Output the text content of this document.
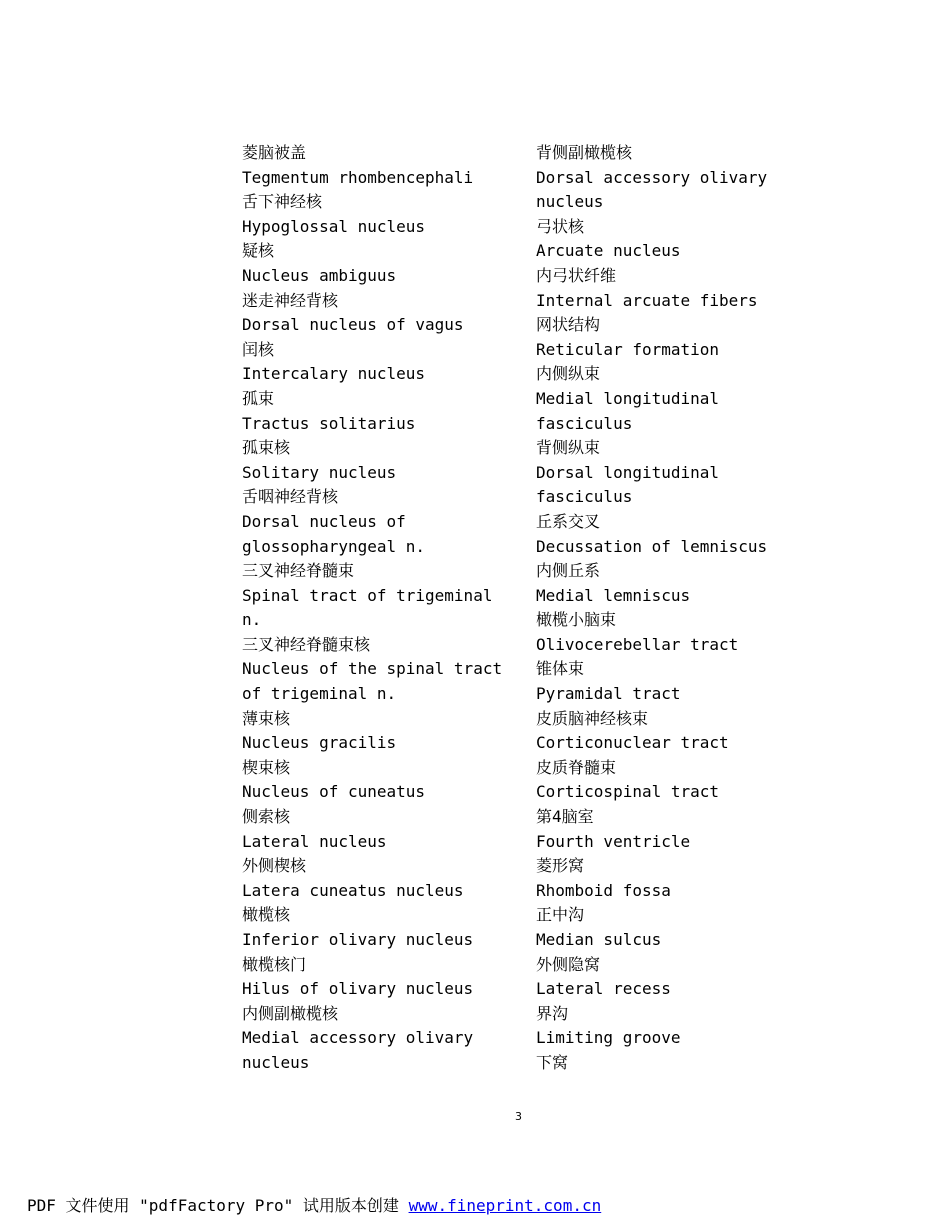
菱脑被盖
Tegmentum rhombencephali
舌下神经核
Hypoglossal nucleus
疑核
Nucleus ambiguus
迷走神经背核
Dorsal nucleus of vagus
闰核
Intercalary nucleus
孤束
Tractus solitarius
孤束核
Solitary nucleus
舌咽神经背核
Dorsal nucleus of
glossopharyngeal n.
三叉神经脊髓束
Spinal tract of trigeminal
n.
三叉神经脊髓束核
Nucleus of the spinal tract
of trigeminal n.
薄束核
Nucleus gracilis
楔束核
Nucleus of cuneatus
侧索核
Lateral nucleus
外侧楔核
Latera cuneatus nucleus
橄榄核
Inferior olivary nucleus
橄榄核门
Hilus of olivary nucleus
内侧副橄榄核
Medial accessory olivary
nucleus
背侧副橄榄核
Dorsal accessory olivary
nucleus
弓状核
Arcuate nucleus
内弓状纤维
Internal arcuate fibers
网状结构
Reticular formation
内侧纵束
Medial longitudinal
fasciculus
背侧纵束
Dorsal longitudinal
fasciculus
丘系交叉
Decussation of lemniscus
内侧丘系
Medial lemniscus
橄榄小脑束
Olivocerebellar tract
锥体束
Pyramidal tract
皮质脑神经核束
Corticonuclear tract
皮质脊髓束
Corticospinal tract
第4脑室
Fourth ventricle
菱形窝
Rhomboid fossa
正中沟
Median sulcus
外侧隐窝
Lateral recess
界沟
Limiting groove
下窝
3
PDF 文件使用 "pdfFactory Pro" 试用版本创建 www.fineprint.com.cn
